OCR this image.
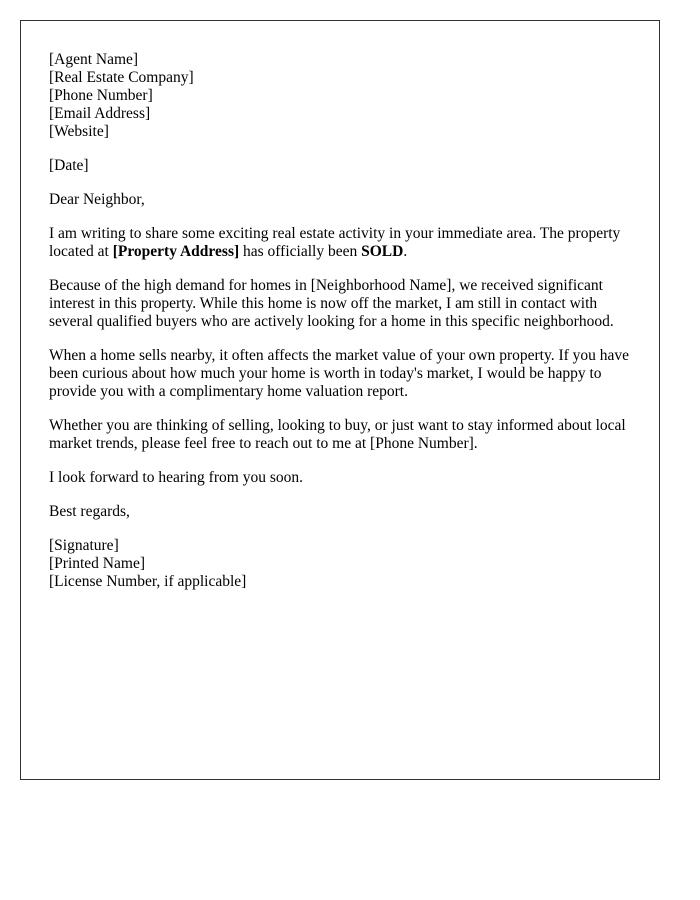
[Agent Name]
[Real Estate Company]
[Phone Number]
[Email Address]
[Website]

[Date]

Dear Neighbor,

I am writing to share some exciting real estate activity in your immediate area. The property located at [Property Address] has officially been SOLD.

Because of the high demand for homes in [Neighborhood Name], we received significant interest in this property. While this home is now off the market, I am still in contact with several qualified buyers who are actively looking for a home in this specific neighborhood.

When a home sells nearby, it often affects the market value of your own property. If you have been curious about how much your home is worth in today's market, I would be happy to provide you with a complimentary home valuation report.

Whether you are thinking of selling, looking to buy, or just want to stay informed about local market trends, please feel free to reach out to me at [Phone Number].

I look forward to hearing from you soon.

Best regards,

[Signature]
[Printed Name]
[License Number, if applicable]
